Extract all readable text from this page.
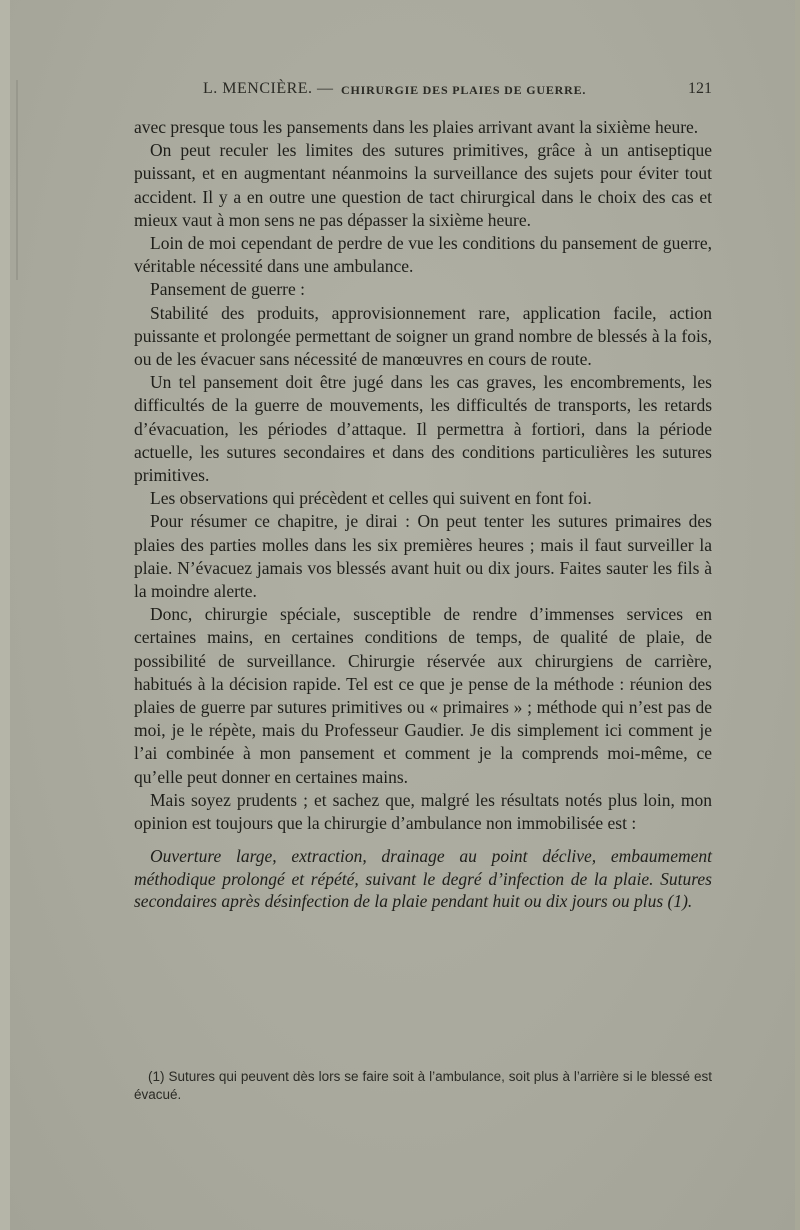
L. MENCIÈRE. — CHIRURGIE DES PLAIES DE GUERRE.	121

avec presque tous les pansements dans les plaies arrivant avant la sixième heure.

On peut reculer les limites des sutures primitives, grâce à un antiseptique puissant, et en augmentant néanmoins la surveillance des sujets pour éviter tout accident. Il y a en outre une question de tact chirurgical dans le choix des cas et mieux vaut à mon sens ne pas dépasser la sixième heure.

Loin de moi cependant de perdre de vue les conditions du pansement de guerre, véritable nécessité dans une ambulance.

Pansement de guerre :

Stabilité des produits, approvisionnement rare, application facile, action puissante et prolongée permettant de soigner un grand nombre de blessés à la fois, ou de les évacuer sans nécessité de manœuvres en cours de route.

Un tel pansement doit être jugé dans les cas graves, les encombrements, les difficultés de la guerre de mouvements, les difficultés de transports, les retards d’évacuation, les périodes d’attaque. Il permettra à fortiori, dans la période actuelle, les sutures secondaires et dans des conditions particulières les sutures primitives.

Les observations qui précèdent et celles qui suivent en font foi.

Pour résumer ce chapitre, je dirai : On peut tenter les sutures primaires des plaies des parties molles dans les six premières heures ; mais il faut surveiller la plaie. N’évacuez jamais vos blessés avant huit ou dix jours. Faites sauter les fils à la moindre alerte.

Donc, chirurgie spéciale, susceptible de rendre d’immenses services en certaines mains, en certaines conditions de temps, de qualité de plaie, de possibilité de surveillance. Chirurgie réservée aux chirurgiens de carrière, habitués à la décision rapide. Tel est ce que je pense de la méthode : réunion des plaies de guerre par sutures primitives ou « primaires » ; méthode qui n’est pas de moi, je le répète, mais du Professeur Gaudier. Je dis simplement ici comment je l’ai combinée à mon pansement et comment je la comprends moi-même, ce qu’elle peut donner en certaines mains.

Mais soyez prudents ; et sachez que, malgré les résultats notés plus loin, mon opinion est toujours que la chirurgie d’ambulance non immobilisée est :

Ouverture large, extraction, drainage au point déclive, embaumement méthodique prolongé et répété, suivant le degré d’infection de la plaie. Sutures secondaires après désinfection de la plaie pendant huit ou dix jours ou plus (1).

(1) Sutures qui peuvent dès lors se faire soit à l’ambulance, soit plus à l’arrière si le blessé est évacué.
